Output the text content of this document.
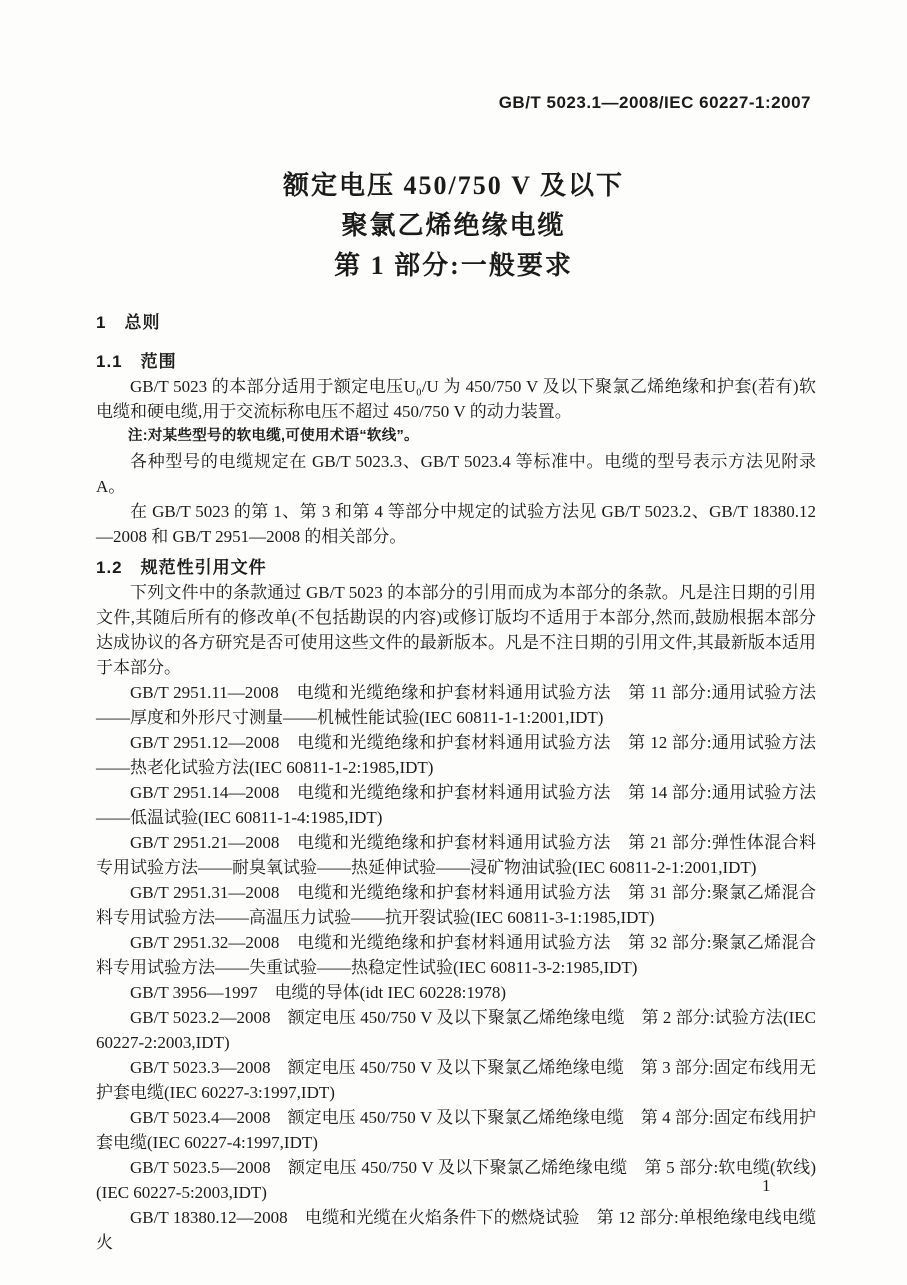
GB/T 5023.1—2008/IEC 60227-1:2007
额定电压 450/750 V 及以下
聚氯乙烯绝缘电缆
第 1 部分:一般要求

1　总则

1.1　范围

GB/T 5023 的本部分适用于额定电压U₀/U 为 450/750 V 及以下聚氯乙烯绝缘和护套(若有)软电缆和硬电缆,用于交流标称电压不超过 450/750 V 的动力装置。

注:对某些型号的软电缆,可使用术语“软线”。

各种型号的电缆规定在 GB/T 5023.3、GB/T 5023.4 等标准中。电缆的型号表示方法见附录 A。

在 GB/T 5023 的第 1、第 3 和第 4 等部分中规定的试验方法见 GB/T 5023.2、GB/T 18380.12—2008 和 GB/T 2951—2008 的相关部分。

1.2　规范性引用文件

下列文件中的条款通过 GB/T 5023 的本部分的引用而成为本部分的条款。凡是注日期的引用文件,其随后所有的修改单(不包括勘误的内容)或修订版均不适用于本部分,然而,鼓励根据本部分达成协议的各方研究是否可使用这些文件的最新版本。凡是不注日期的引用文件,其最新版本适用于本部分。

GB/T 2951.11—2008　电缆和光缆绝缘和护套材料通用试验方法　第 11 部分:通用试验方法——厚度和外形尺寸测量——机械性能试验(IEC 60811-1-1:2001,IDT)

GB/T 2951.12—2008　电缆和光缆绝缘和护套材料通用试验方法　第 12 部分:通用试验方法——热老化试验方法(IEC 60811-1-2:1985,IDT)

GB/T 2951.14—2008　电缆和光缆绝缘和护套材料通用试验方法　第 14 部分:通用试验方法——低温试验(IEC 60811-1-4:1985,IDT)

GB/T 2951.21—2008　电缆和光缆绝缘和护套材料通用试验方法　第 21 部分:弹性体混合料专用试验方法——耐臭氧试验——热延伸试验——浸矿物油试验(IEC 60811-2-1:2001,IDT)

GB/T 2951.31—2008　电缆和光缆绝缘和护套材料通用试验方法　第 31 部分:聚氯乙烯混合料专用试验方法——高温压力试验——抗开裂试验(IEC 60811-3-1:1985,IDT)

GB/T 2951.32—2008　电缆和光缆绝缘和护套材料通用试验方法　第 32 部分:聚氯乙烯混合料专用试验方法——失重试验——热稳定性试验(IEC 60811-3-2:1985,IDT)

GB/T 3956—1997　电缆的导体(idt IEC 60228:1978)

GB/T 5023.2—2008　额定电压 450/750 V 及以下聚氯乙烯绝缘电缆　第 2 部分:试验方法(IEC 60227-2:2003,IDT)

GB/T 5023.3—2008　额定电压 450/750 V 及以下聚氯乙烯绝缘电缆　第 3 部分:固定布线用无护套电缆(IEC 60227-3:1997,IDT)

GB/T 5023.4—2008　额定电压 450/750 V 及以下聚氯乙烯绝缘电缆　第 4 部分:固定布线用护套电缆(IEC 60227-4:1997,IDT)

GB/T 5023.5—2008　额定电压 450/750 V 及以下聚氯乙烯绝缘电缆　第 5 部分:软电缆(软线)(IEC 60227-5:2003,IDT)

GB/T 18380.12—2008　电缆和光缆在火焰条件下的燃烧试验　第 12 部分:单根绝缘电线电缆火

1
